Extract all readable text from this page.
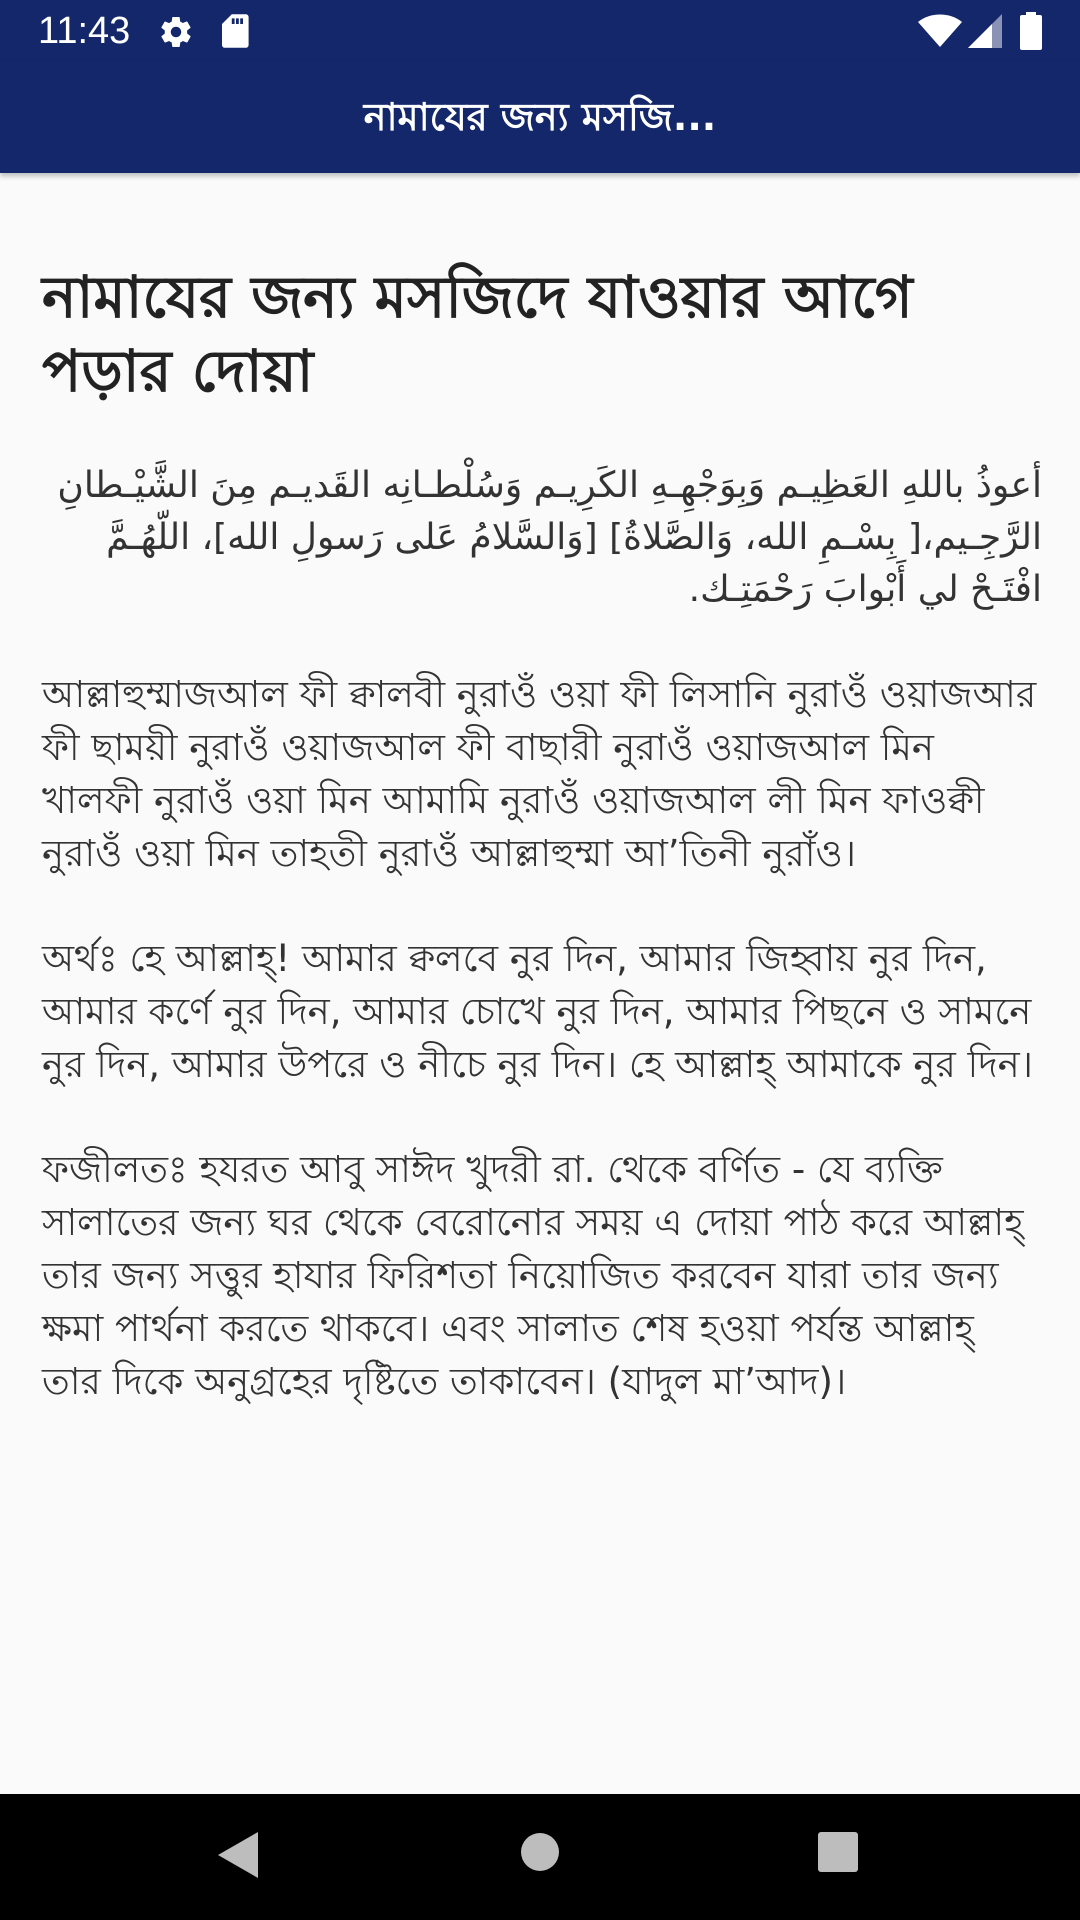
11:43
নামাযের জন্য মসজি...
নামাযের জন্য মসজিদে যাওয়ার আগে পড়ার দোয়া

أعوذُ باللهِ العَظِيـم وَبِوَجْهِـهِ الكَرِيـم وَسُلْطـانِه القَديـم مِنَ الشَّيْـطانِ الرَّجِـيم،[ بِسْـمِ الله، وَالصَّلاةُ] [وَالسَّلامُ عَلى رَسولِ الله]، اللّهُـمَّ افْتَـحْ لي أَبْوابَ رَحْمَتِـك.

আল্লাহুম্মাজআল ফী ক্বালবী নুরাওঁ ওয়া ফী লিসানি নুরাওঁ ওয়াজআর ফী ছাময়ী নুরাওঁ ওয়াজআল ফী বাছারী নুরাওঁ ওয়াজআল মিন খালফী নুরাওঁ ওয়া মিন আমামি নুরাওঁ ওয়াজআল লী মিন ফাওক্বী নুরাওঁ ওয়া মিন তাহতী নুরাওঁ আল্লাহুম্মা আ’তিনী নুরাঁও।

অর্থঃ হে আল্লাহ্! আমার ক্বলবে নুর দিন, আমার জিহ্বায় নুর দিন, আমার কর্ণে নুর দিন, আমার চোখে নুর দিন, আমার পিছনে ও সামনে নুর দিন, আমার উপরে ও নীচে নুর দিন। হে আল্লাহ্ আমাকে নুর দিন।

ফজীলতঃ হযরত আবু সাঈদ খুদরী রা. থেকে বর্ণিত - যে ব্যক্তি সালাতের জন্য ঘর থেকে বেরোনোর সময় এ দোয়া পাঠ করে আল্লাহ্ তার জন্য সত্তুর হাযার ফিরিশতা নিয়োজিত করবেন যারা তার জন্য ক্ষমা পার্থনা করতে থাকবে। এবং সালাত শেষ হওয়া পর্যন্ত আল্লাহ্ তার দিকে অনুগ্রহের দৃষ্টিতে তাকাবেন। (যাদুল মা’আদ)।
